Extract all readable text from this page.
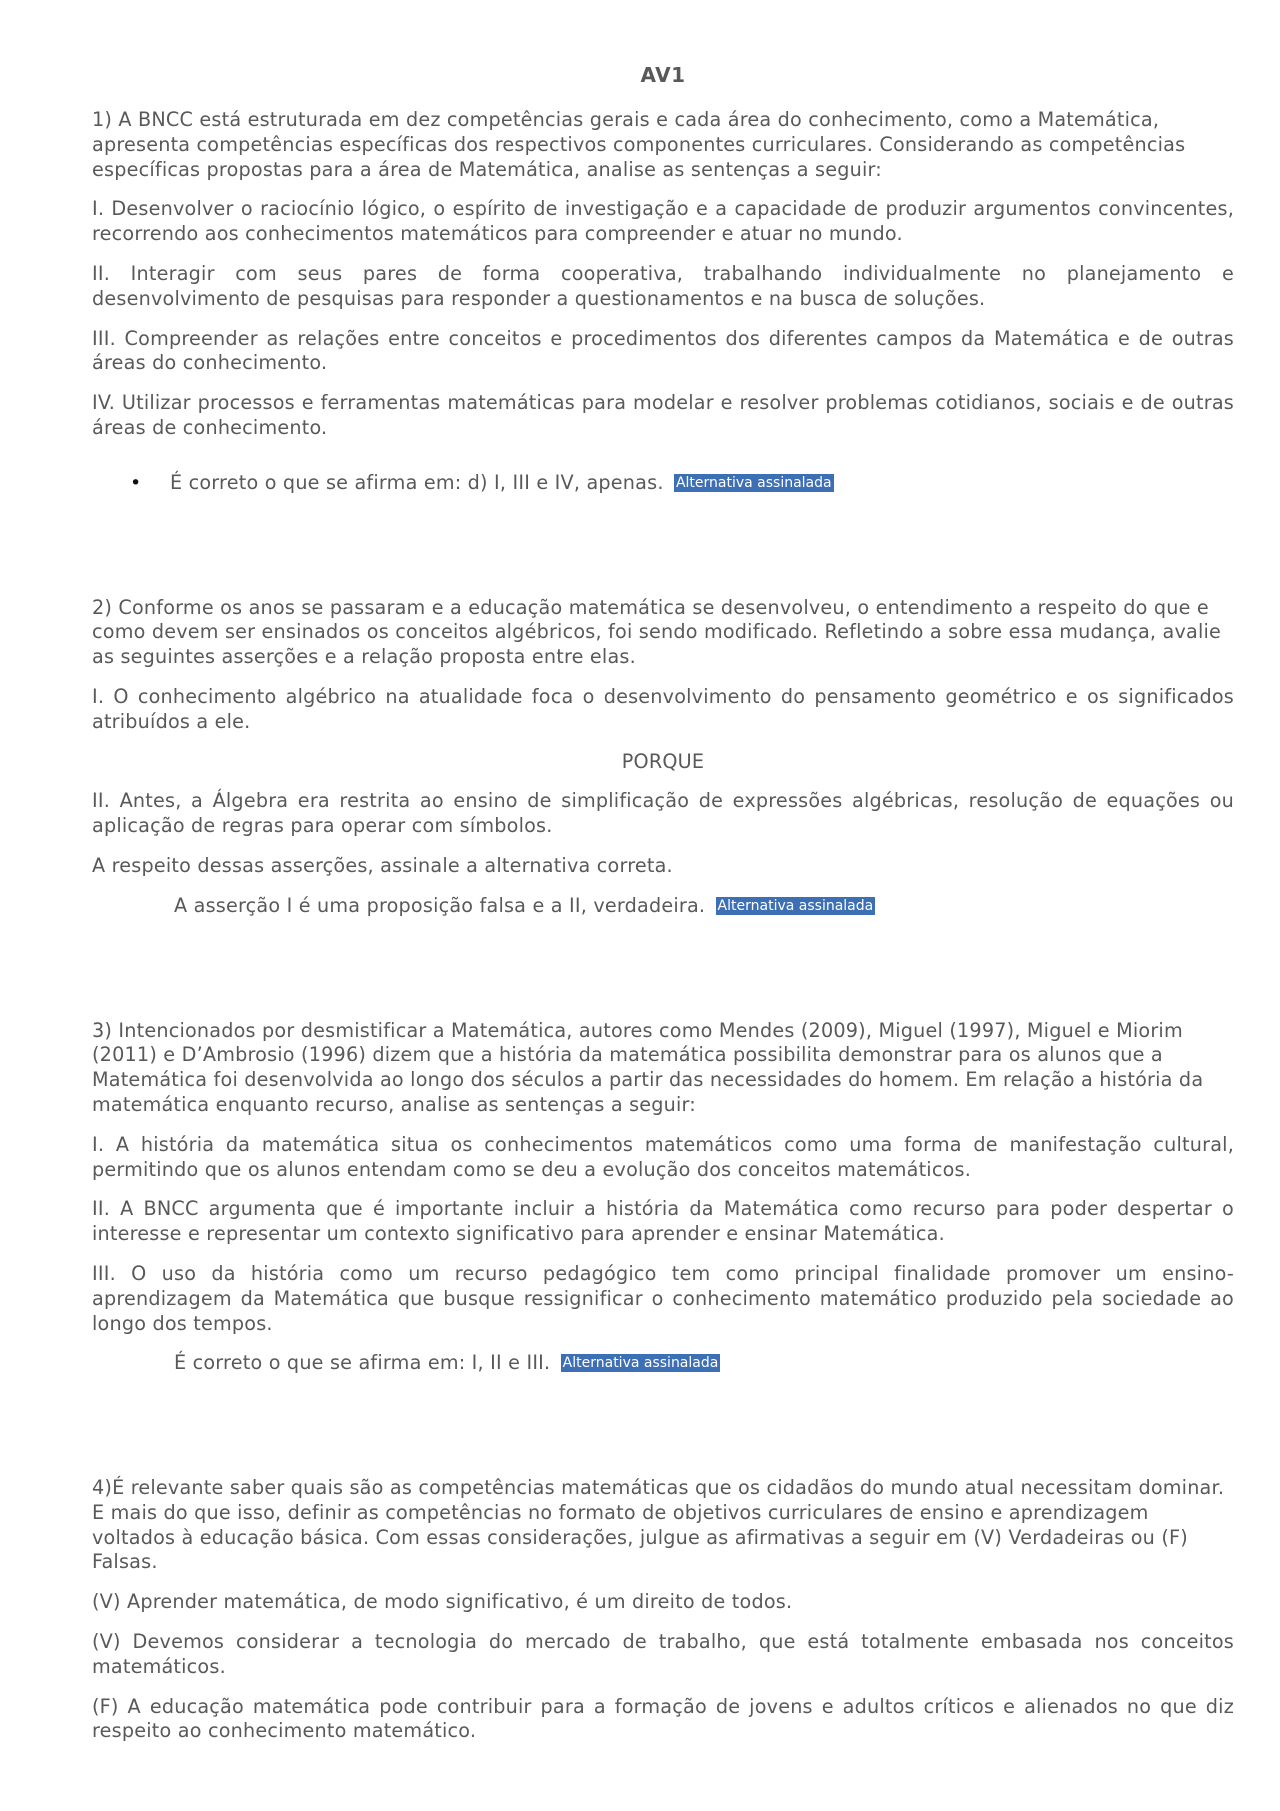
AV1

1) A BNCC está estruturada em dez competências gerais e cada área do conhecimento, como a Matemática, apresenta competências específicas dos respectivos componentes curriculares. Considerando as competências específicas propostas para a área de Matemática, analise as sentenças a seguir:

I. Desenvolver o raciocínio lógico, o espírito de investigação e a capacidade de produzir argumentos convincentes, recorrendo aos conhecimentos matemáticos para compreender e atuar no mundo.

II. Interagir com seus pares de forma cooperativa, trabalhando individualmente no planejamento e desenvolvimento de pesquisas para responder a questionamentos e na busca de soluções.

III. Compreender as relações entre conceitos e procedimentos dos diferentes campos da Matemática e de outras áreas do conhecimento.

IV. Utilizar processos e ferramentas matemáticas para modelar e resolver problemas cotidianos, sociais e de outras áreas de conhecimento.

• É correto o que se afirma em: d) I, III e IV, apenas. Alternativa assinalada

2) Conforme os anos se passaram e a educação matemática se desenvolveu, o entendimento a respeito do que e como devem ser ensinados os conceitos algébricos, foi sendo modificado. Refletindo a sobre essa mudança, avalie as seguintes asserções e a relação proposta entre elas.

I. O conhecimento algébrico na atualidade foca o desenvolvimento do pensamento geométrico e os significados atribuídos a ele.

PORQUE

II. Antes, a Álgebra era restrita ao ensino de simplificação de expressões algébricas, resolução de equações ou aplicação de regras para operar com símbolos.

A respeito dessas asserções, assinale a alternativa correta.

A asserção I é uma proposição falsa e a II, verdadeira. Alternativa assinalada

3) Intencionados por desmistificar a Matemática, autores como Mendes (2009), Miguel (1997), Miguel e Miorim (2011) e D’Ambrosio (1996) dizem que a história da matemática possibilita demonstrar para os alunos que a Matemática foi desenvolvida ao longo dos séculos a partir das necessidades do homem. Em relação a história da matemática enquanto recurso, analise as sentenças a seguir:

I. A história da matemática situa os conhecimentos matemáticos como uma forma de manifestação cultural, permitindo que os alunos entendam como se deu a evolução dos conceitos matemáticos.

II. A BNCC argumenta que é importante incluir a história da Matemática como recurso para poder despertar o interesse e representar um contexto significativo para aprender e ensinar Matemática.

III. O uso da história como um recurso pedagógico tem como principal finalidade promover um ensino-aprendizagem da Matemática que busque ressignificar o conhecimento matemático produzido pela sociedade ao longo dos tempos.

É correto o que se afirma em: I, II e III. Alternativa assinalada

4)É relevante saber quais são as competências matemáticas que os cidadãos do mundo atual necessitam dominar. E mais do que isso, definir as competências no formato de objetivos curriculares de ensino e aprendizagem voltados à educação básica. Com essas considerações, julgue as afirmativas a seguir em (V) Verdadeiras ou (F) Falsas.

(V) Aprender matemática, de modo significativo, é um direito de todos.

(V) Devemos considerar a tecnologia do mercado de trabalho, que está totalmente embasada nos conceitos matemáticos.

(F) A educação matemática pode contribuir para a formação de jovens e adultos críticos e alienados no que diz respeito ao conhecimento matemático.
